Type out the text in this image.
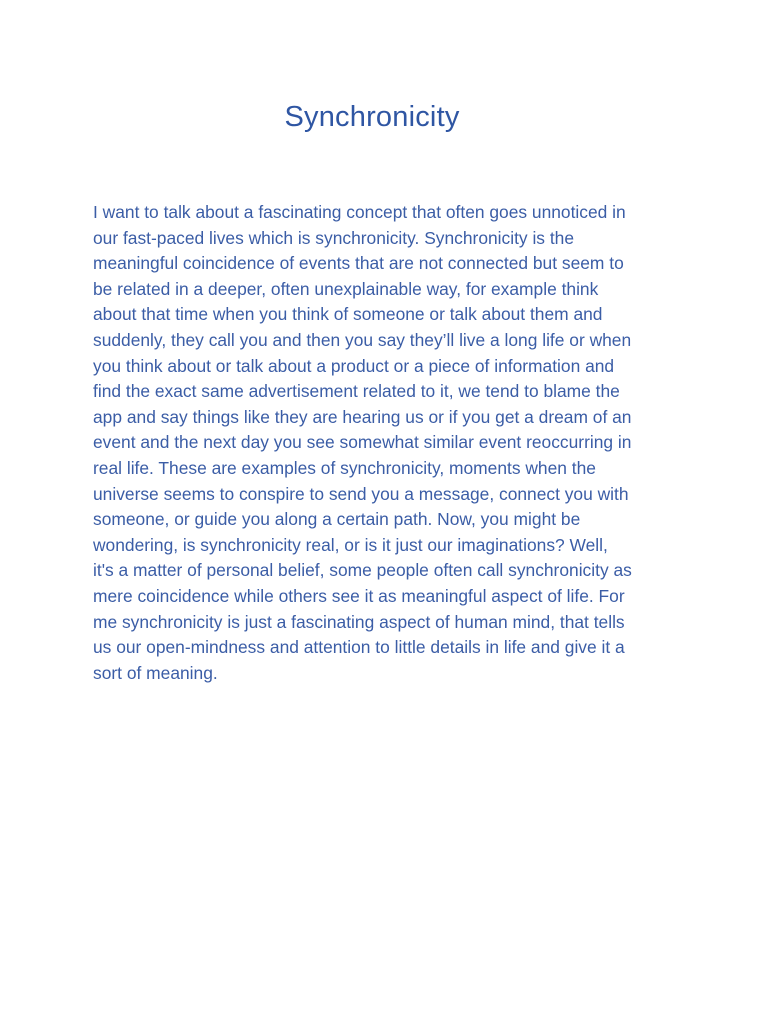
Synchronicity
I want to talk about a fascinating concept that often goes unnoticed in
our fast-paced lives which is synchronicity. Synchronicity is the
meaningful coincidence of events that are not connected but seem to
be related in a deeper, often unexplainable way, for example think
about that time when you think of someone or talk about them and
suddenly, they call you and then you say they’ll live a long life or when
you think about or talk about a product or a piece of information and
find the exact same advertisement related to it, we tend to blame the
app and say things like they are hearing us or if you get a dream of an
event and the next day you see somewhat similar event reoccurring in
real life. These are examples of synchronicity, moments when the
universe seems to conspire to send you a message, connect you with
someone, or guide you along a certain path. Now, you might be
wondering, is synchronicity real, or is it just our imaginations? Well,
it's a matter of personal belief, some people often call synchronicity as
mere coincidence while others see it as meaningful aspect of life. For
me synchronicity is just a fascinating aspect of human mind, that tells
us our open-mindness and attention to little details in life and give it a
sort of meaning.
